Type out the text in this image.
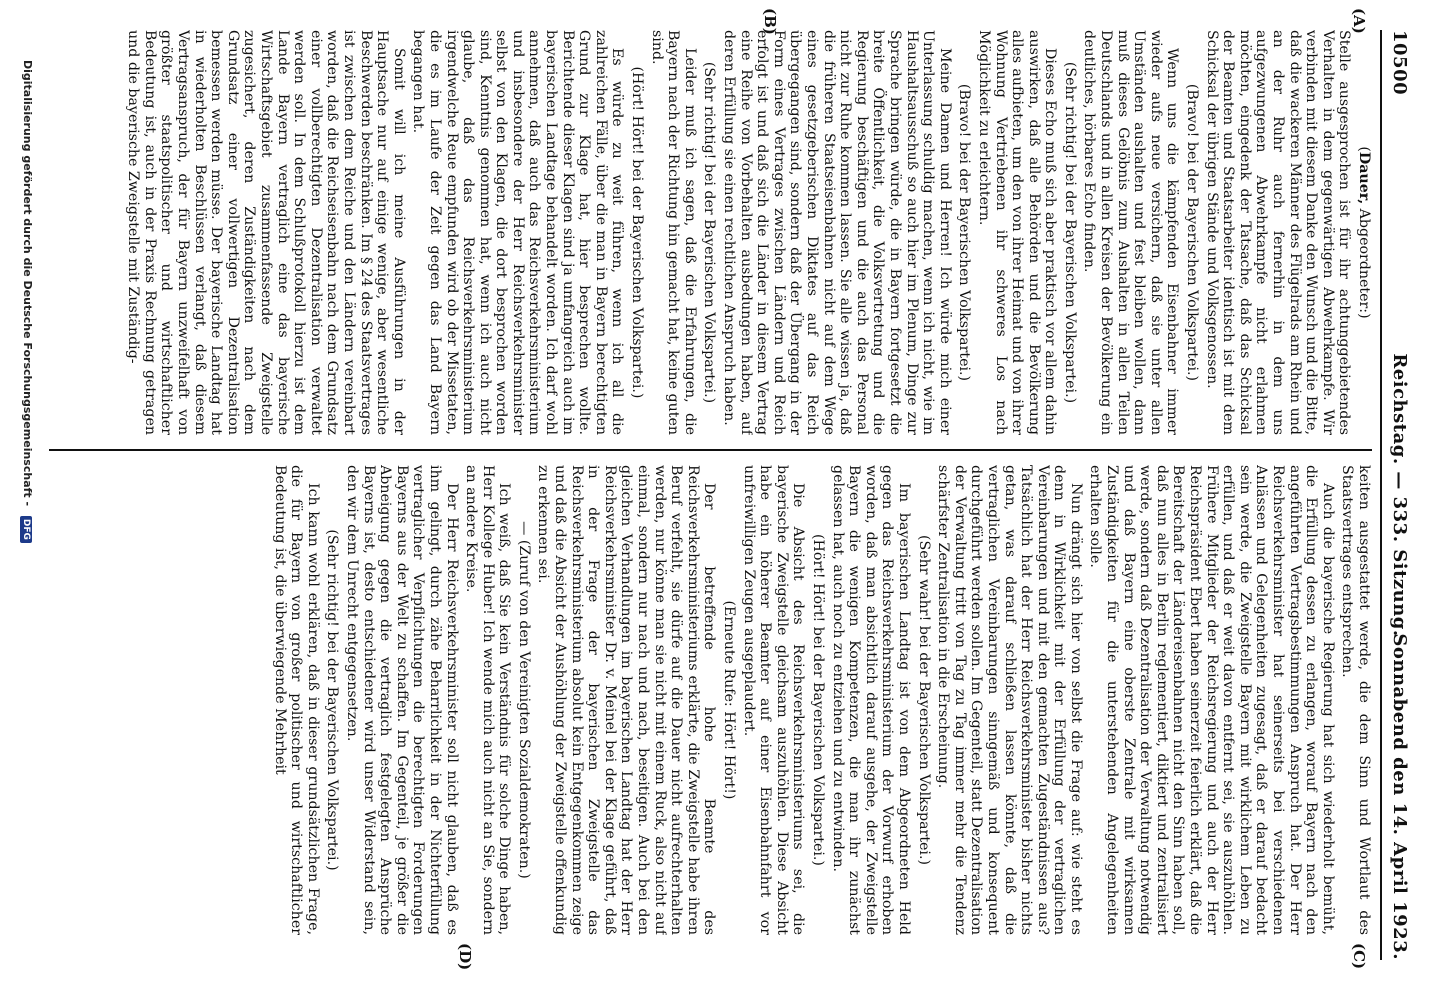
10500
Reichstag. — 333. Sitzung.
Sonnabend den 14. April 1923.
(A)
(B)
(C)
(D)

(Dauer, Abgeordneter:)

Stelle ausgesprochen ist für ihr achtunggebietendes Verhalten in dem gegenwärtigen Abwehrkampfe. Wir verbinden mit diesem Danke den Wunsch und die Bitte, daß die wackeren Männer des Flügelrads am Rhein und an der Ruhr auch fernerhin in dem uns aufgezwungenen Abwehrkampfe nicht erlahmen möchten, eingedenk der Tatsache, daß das Schicksal der Beamten und Staatsarbeiter identisch ist mit dem Schicksal der übrigen Stände und Volksgenossen.

(Bravo! bei der Bayerischen Volkspartei.)

Wenn uns die kämpfenden Eisenbahner immer wieder aufs neue versichern, daß sie unter allen Umständen aushalten und fest bleiben wollen, dann muß dieses Gelöbnis zum Aushalten in allen Teilen Deutschlands und in allen Kreisen der Bevölkerung ein deutliches, hörbares Echo finden.

(Sehr richtig! bei der Bayerischen Volkspartei.)

Dieses Echo muß sich aber praktisch vor allem dahin auswirken, daß alle Behörden und die Bevölkerung alles aufbieten, um den von ihrer Heimat und von ihrer Wohnung Vertriebenen ihr schweres Los nach Möglichkeit zu erleichtern.

(Bravo! bei der Bayerischen Volkspartei.)

Meine Damen und Herren! Ich würde mich einer Unterlassung schuldig machen, wenn ich nicht, wie im Haushaltsausschuß so auch hier im Plenum, Dinge zur Sprache bringen würde, die in Bayern fortgesetzt die breite Öffentlichkeit, die Volksvertretung und die Regierung beschäftigen und die auch das Personal nicht zur Ruhe kommen lassen. Sie alle wissen ja, daß die früheren Staatseisenbahnen nicht auf dem Wege eines gesetzgeberischen Diktates auf das Reich übergegangen sind, sondern daß der Übergang in der Form eines Vertrages zwischen Ländern und Reich erfolgt ist und daß sich die Länder in diesem Vertrag eine Reihe von Vorbehalten ausbedungen haben, auf deren Erfüllung sie einen rechtlichen Anspruch haben.

(Sehr richtig! bei der Bayerischen Volkspartei.)

Leider muß ich sagen, daß die Erfahrungen, die Bayern nach der Richtung hin gemacht hat, keine guten sind.

(Hört! Hört! bei der Bayerischen Volkspartei.)

Es würde zu weit führen, wenn ich all die zahlreichen Fälle, über die man in Bayern berechtigten Grund zur Klage hat, hier besprechen wollte. Berichtende dieser Klagen sind ja umfangreich auch im bayerischen Landtage behandelt worden. Ich darf wohl annehmen, daß auch das Reichsverkehrsministerium und insbesondere der Herr Reichsverkehrsminister selbst von den Klagen, die dort besprochen worden sind, Kenntnis genommen hat, wenn ich auch nicht glaube, daß das Reichsverkehrsministerium irgendwelche Reue empfunden wird ob der Missetaten, die es im Laufe der Zeit gegen das Land Bayern begangen hat.

Somit will ich meine Ausführungen in der Hauptsache nur auf einige wenige, aber wesentliche Beschwerden beschränken. Im § 24 des Staatsvertrages ist zwischen dem Reiche und den Ländern vereinbart worden, daß die Reichseisenbahn nach dem Grundsatz einer vollberechtigten Dezentralisation verwaltet werden soll. In dem Schlußprotokoll hierzu ist dem Lande Bayern vertraglich eine das bayerische Wirtschaftsgebiet zusammenfassende Zweigstelle zugesichert, deren Zuständigkeiten nach dem Grundsatz einer vollwertigen Dezentralisation bemessen werden müsse. Der bayerische Landtag hat in wiederholten Beschlüssen verlangt, daß diesem Vertragsanspruch, der für Bayern unzweifelhaft von größter staatspolitischer und wirtschaftlicher Bedeutung ist, auch in der Praxis Rechnung getragen und die bayerische Zweigstelle mit Zuständig-

keiten ausgestattet werde, die dem Sinn und Wortlaut des Staatsvertrages entsprechen.

Auch die bayerische Regierung hat sich wiederholt bemüht, die Erfüllung dessen zu erlangen, worauf Bayern nach den angeführten Vertragsbestimmungen Anspruch hat. Der Herr Reichsverkehrsminister hat seinerseits bei verschiedenen Anlässen und Gelegenheiten zugesagt, daß er darauf bedacht sein werde, die Zweigstelle Bayern mit wirklichem Leben zu erfüllen, und daß er weit davon entfernt sei, sie auszuhöhlen. Frühere Mitglieder der Reichsregierung und auch der Herr Reichspräsident Ebert haben seinerzeit feierlich erklärt, daß die Bereitschaft der Ländereisenbahnen nicht den Sinn haben soll, daß nun alles in Berlin reglementiert, diktiert und zentralisiert werde, sondern daß Dezentralisation der Verwaltung notwendig und daß Bayern eine oberste Zentrale mit wirksamen Zuständigkeiten für die unterstehenden Angelegenheiten erhalten solle.

Nun drängt sich hier von selbst die Frage auf: wie steht es denn in Wirklichkeit mit der Erfüllung der vertraglichen Vereinbarungen und mit den gemachten Zugeständnissen aus? Tatsächlich hat der Herr Reichsverkehrsminister bisher nichts getan, was darauf schließen lassen könnte, daß die vertraglichen Vereinbarungen sinngemäß und konsequent durchgeführt werden sollen. Im Gegenteil, statt Dezentralisation der Verwaltung tritt von Tag zu Tag immer mehr die Tendenz schärfster Zentralisation in die Erscheinung.

(Sehr wahr! bei der Bayerischen Volkspartei.)

Im bayerischen Landtag ist von dem Abgeordneten Held gegen das Reichsverkehrsministerium der Vorwurf erhoben worden, daß man absichtlich darauf ausgehe, der Zweigstelle Bayern die wenigen Kompetenzen, die man ihr zunächst gelassen hat, auch noch zu entziehen und zu entwinden.

(Hört! Hört! bei der Bayerischen Volkspartei.)

Die Absicht des Reichsverkehrsministeriums sei, die bayerische Zweigstelle gleichsam auszuhöhlen. Diese Absicht habe ein höherer Beamter auf einer Eisenbahnfahrt vor unfreiwilligen Zeugen ausgeplaudert.

(Erneute Rufe: Hört! Hört!)

Der betreffende hohe Beamte des Reichsverkehrsministeriums erklärte, die Zweigstelle habe ihren Beruf verfehlt, sie dürfe auf die Dauer nicht aufrechterhalten werden, nur könne man sie nicht mit einem Ruck, also nicht auf einmal, sondern nur nach und nach, beseitigen. Auch bei den gleichen Verhandlungen im bayerischen Landtag hat der Herr Reichsverkehrsminister Dr. v. Meinel bei der Klage geführt, daß in der Frage der bayerischen Zweigstelle das Reichsverkehrsministerium absolut kein Entgegenkommen zeige und daß die Absicht der Aushöhlung der Zweigstelle offenkundig zu erkennen sei.

— (Zuruf von den Vereinigten Sozialdemokraten.)

Ich weiß, daß Sie kein Verständnis für solche Dinge haben, Herr Kollege Huber! Ich wende mich auch nicht an Sie, sondern an andere Kreise.

Der Herr Reichsverkehrsminister soll nicht glauben, daß es ihm gelingt, durch zähe Beharrlichkeit in der Nichterfüllung vertraglicher Verpflichtungen die berechtigten Forderungen Bayerns aus der Welt zu schaffen. Im Gegenteil, je größer die Abneigung gegen die vertraglich festgelegten Ansprüche Bayerns ist, desto entschiedener wird unser Widerstand sein, den wir dem Unrecht entgegensetzen.

(Sehr richtig! bei der Bayerischen Volkspartei.)

Ich kann wohl erklären, daß in dieser grundsätzlichen Frage, die für Bayern von großer politischer und wirtschaftlicher Bedeutung ist, die überwiegende Mehrheit

Digitalisierung gefördert durch die Deutsche Forschungsgemeinschaft - DFG
